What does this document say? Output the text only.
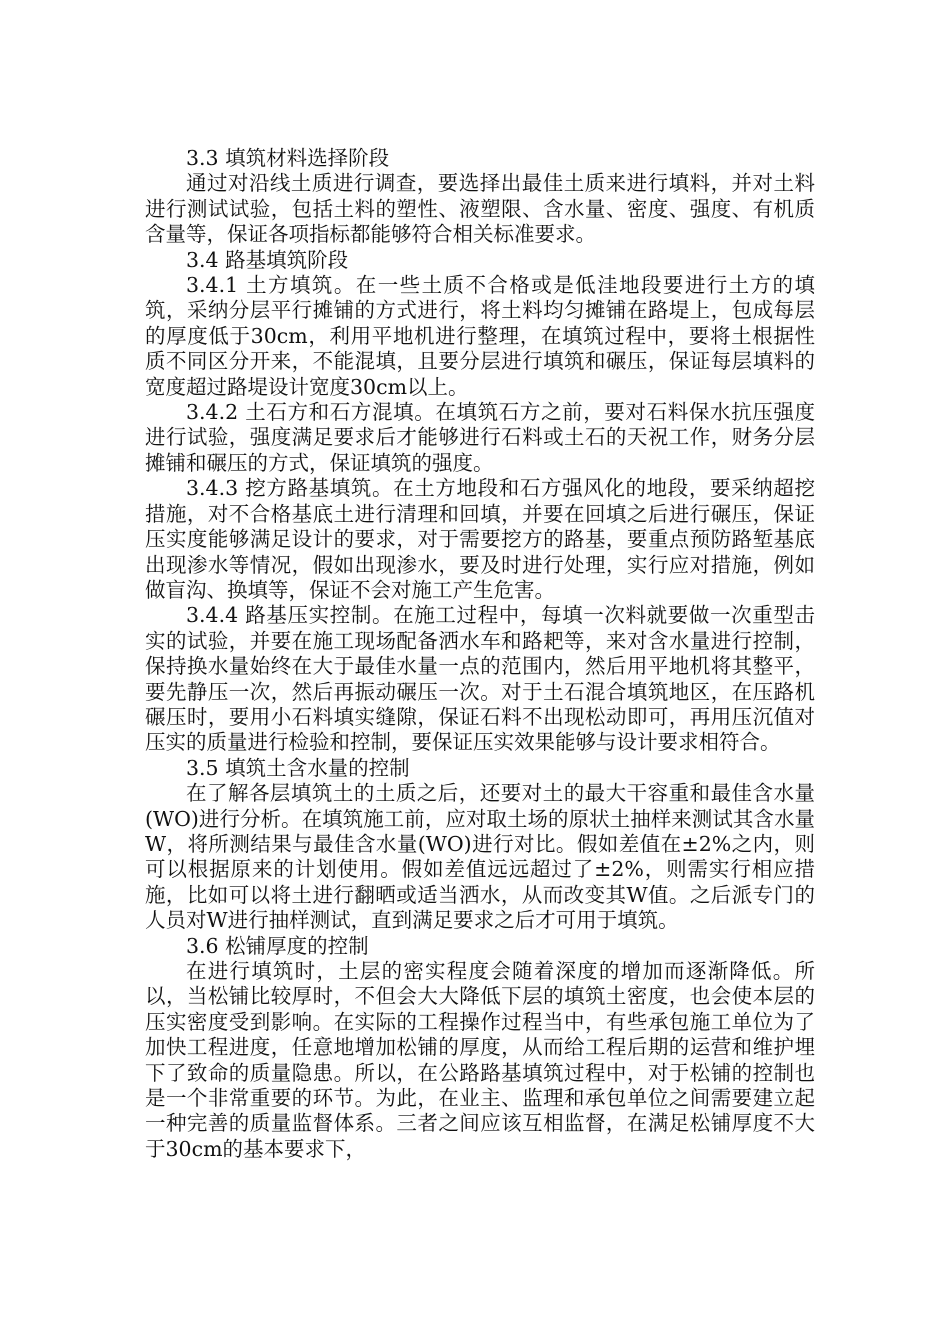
3.3 填筑材料选择阶段
通过对沿线土质进行调查，要选择出最佳土质来进行填料，并对土料进行测试试验，包括土料的塑性、液塑限、含水量、密度、强度、有机质含量等，保证各项指标都能够符合相关标准要求。
3.4 路基填筑阶段
3.4.1 土方填筑。在一些土质不合格或是低洼地段要进行土方的填筑，采纳分层平行摊铺的方式进行，将土料均匀摊铺在路堤上，包成每层的厚度低于30cm，利用平地机进行整理，在填筑过程中，要将土根据性质不同区分开来，不能混填，且要分层进行填筑和碾压，保证每层填料的宽度超过路堤设计宽度30cm以上。
3.4.2 土石方和石方混填。在填筑石方之前，要对石料保水抗压强度进行试验，强度满足要求后才能够进行石料或土石的天祝工作，财务分层摊铺和碾压的方式，保证填筑的强度。
3.4.3 挖方路基填筑。在土方地段和石方强风化的地段，要采纳超挖措施，对不合格基底土进行清理和回填，并要在回填之后进行碾压，保证压实度能够满足设计的要求，对于需要挖方的路基，要重点预防路堑基底出现渗水等情况，假如出现渗水，要及时进行处理，实行应对措施，例如做盲沟、换填等，保证不会对施工产生危害。
3.4.4 路基压实控制。在施工过程中，每填一次料就要做一次重型击实的试验，并要在施工现场配备洒水车和路耙等，来对含水量进行控制，保持换水量始终在大于最佳水量一点的范围内，然后用平地机将其整平，要先静压一次，然后再振动碾压一次。对于土石混合填筑地区，在压路机碾压时，要用小石料填实缝隙，保证石料不出现松动即可，再用压沉值对压实的质量进行检验和控制，要保证压实效果能够与设计要求相符合。
3.5 填筑土含水量的控制
在了解各层填筑土的土质之后，还要对土的最大干容重和最佳含水量(WO)进行分析。在填筑施工前，应对取土场的原状土抽样来测试其含水量W，将所测结果与最佳含水量(WO)进行对比。假如差值在±2%之内，则可以根据原来的计划使用。假如差值远远超过了±2%，则需实行相应措施，比如可以将土进行翻晒或适当洒水，从而改变其W值。之后派专门的人员对W进行抽样测试，直到满足要求之后才可用于填筑。
3.6 松铺厚度的控制
在进行填筑时，土层的密实程度会随着深度的增加而逐渐降低。所以，当松铺比较厚时，不但会大大降低下层的填筑土密度，也会使本层的压实密度受到影响。在实际的工程操作过程当中，有些承包施工单位为了加快工程进度，任意地增加松铺的厚度，从而给工程后期的运营和维护埋下了致命的质量隐患。所以，在公路路基填筑过程中，对于松铺的控制也是一个非常重要的环节。为此，在业主、监理和承包单位之间需要建立起一种完善的质量监督体系。三者之间应该互相监督，在满足松铺厚度不大于30cm的基本要求下，
